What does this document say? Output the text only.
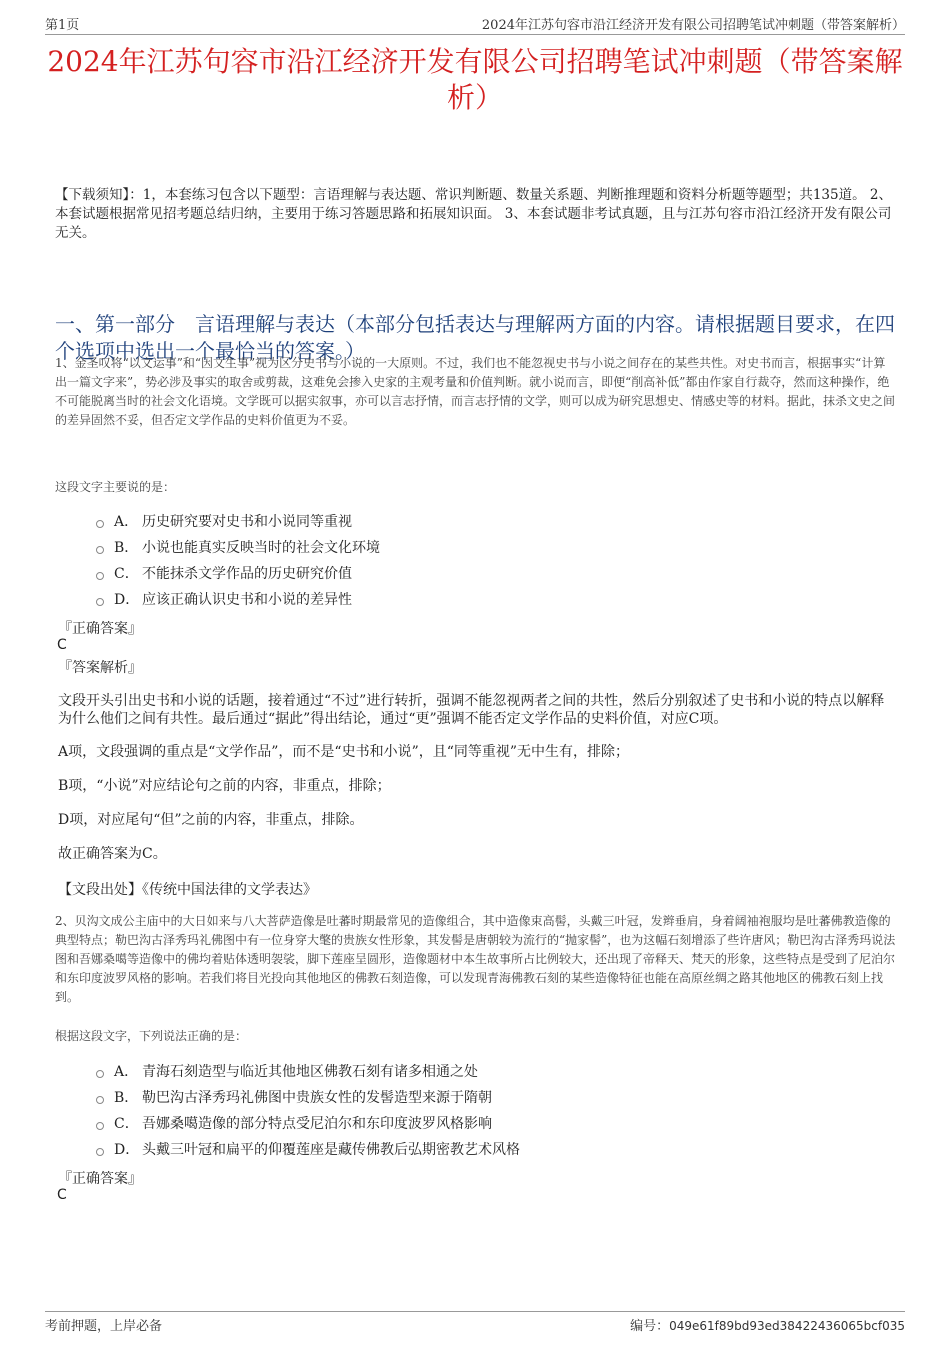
第1页	2024年江苏句容市沿江经济开发有限公司招聘笔试冲刺题（带答案解析）
2024年江苏句容市沿江经济开发有限公司招聘笔试冲刺题（带答案解析）
【下载须知】：1，本套练习包含以下题型：言语理解与表达题、常识判断题、数量关系题、判断推理题和资料分析题等题型；共135道。 2、本套试题根据常见招考题总结归纳，主要用于练习答题思路和拓展知识面。 3、本套试题非考试真题，且与江苏句容市沿江经济开发有限公司无关。
一、第一部分　言语理解与表达（本部分包括表达与理解两方面的内容。请根据题目要求，在四个选项中选出一个最恰当的答案。）
1、金圣叹将“以文运事”和“因文生事”视为区分史书与小说的一大原则。不过，我们也不能忽视史书与小说之间存在的某些共性。对史书而言，根据事实“计算出一篇文字来”，势必涉及事实的取舍或剪裁，这难免会掺入史家的主观考量和价值判断。就小说而言，即便“削高补低”都由作家自行裁夺，然而这种操作，绝不可能脱离当时的社会文化语境。文学既可以据实叙事，亦可以言志抒情，而言志抒情的文学，则可以成为研究思想史、情感史等的材料。据此，抹杀文史之间的差异固然不妥，但否定文学作品的史料价值更为不妥。
这段文字主要说的是：
A． 历史研究要对史书和小说同等重视
B． 小说也能真实反映当时的社会文化环境
C． 不能抹杀文学作品的历史研究价值
D． 应该正确认识史书和小说的差异性
『正确答案』
C
『答案解析』
文段开头引出史书和小说的话题，接着通过“不过”进行转折，强调不能忽视两者之间的共性，然后分别叙述了史书和小说的特点以解释为什么他们之间有共性。最后通过“据此”得出结论，通过“更”强调不能否定文学作品的史料价值，对应C项。
A项，文段强调的重点是“文学作品”，而不是“史书和小说”，且“同等重视”无中生有，排除；
B项，“小说”对应结论句之前的内容，非重点，排除；
D项，对应尾句“但”之前的内容，非重点，排除。
故正确答案为C。
【文段出处】《传统中国法律的文学表达》
2、贝沟文成公主庙中的大日如来与八大菩萨造像是吐蕃时期最常见的造像组合，其中造像束高髻，头戴三叶冠，发辫垂肩，身着阔袖袍服均是吐蕃佛教造像的典型特点；勒巴沟古泽秀玛礼佛图中有一位身穿大氅的贵族女性形象，其发髻是唐朝较为流行的“抛家髻”，也为这幅石刻增添了些许唐风；勒巴沟古泽秀玛说法图和吾娜桑噶等造像中的佛均着贴体透明袈裟，脚下莲座呈圆形，造像题材中本生故事所占比例较大，还出现了帝释天、梵天的形象，这些特点是受到了尼泊尔和东印度波罗风格的影响。若我们将目光投向其他地区的佛教石刻造像，可以发现青海佛教石刻的某些造像特征也能在高原丝绸之路其他地区的佛教石刻上找到。
根据这段文字，下列说法正确的是：
A． 青海石刻造型与临近其他地区佛教石刻有诸多相通之处
B． 勒巴沟古泽秀玛礼佛图中贵族女性的发髻造型来源于隋朝
C． 吾娜桑噶造像的部分特点受尼泊尔和东印度波罗风格影响
D． 头戴三叶冠和扁平的仰覆莲座是藏传佛教后弘期密教艺术风格
『正确答案』
C
考前押题，上岸必备	编号：049e61f89bd93ed38422436065bcf035
